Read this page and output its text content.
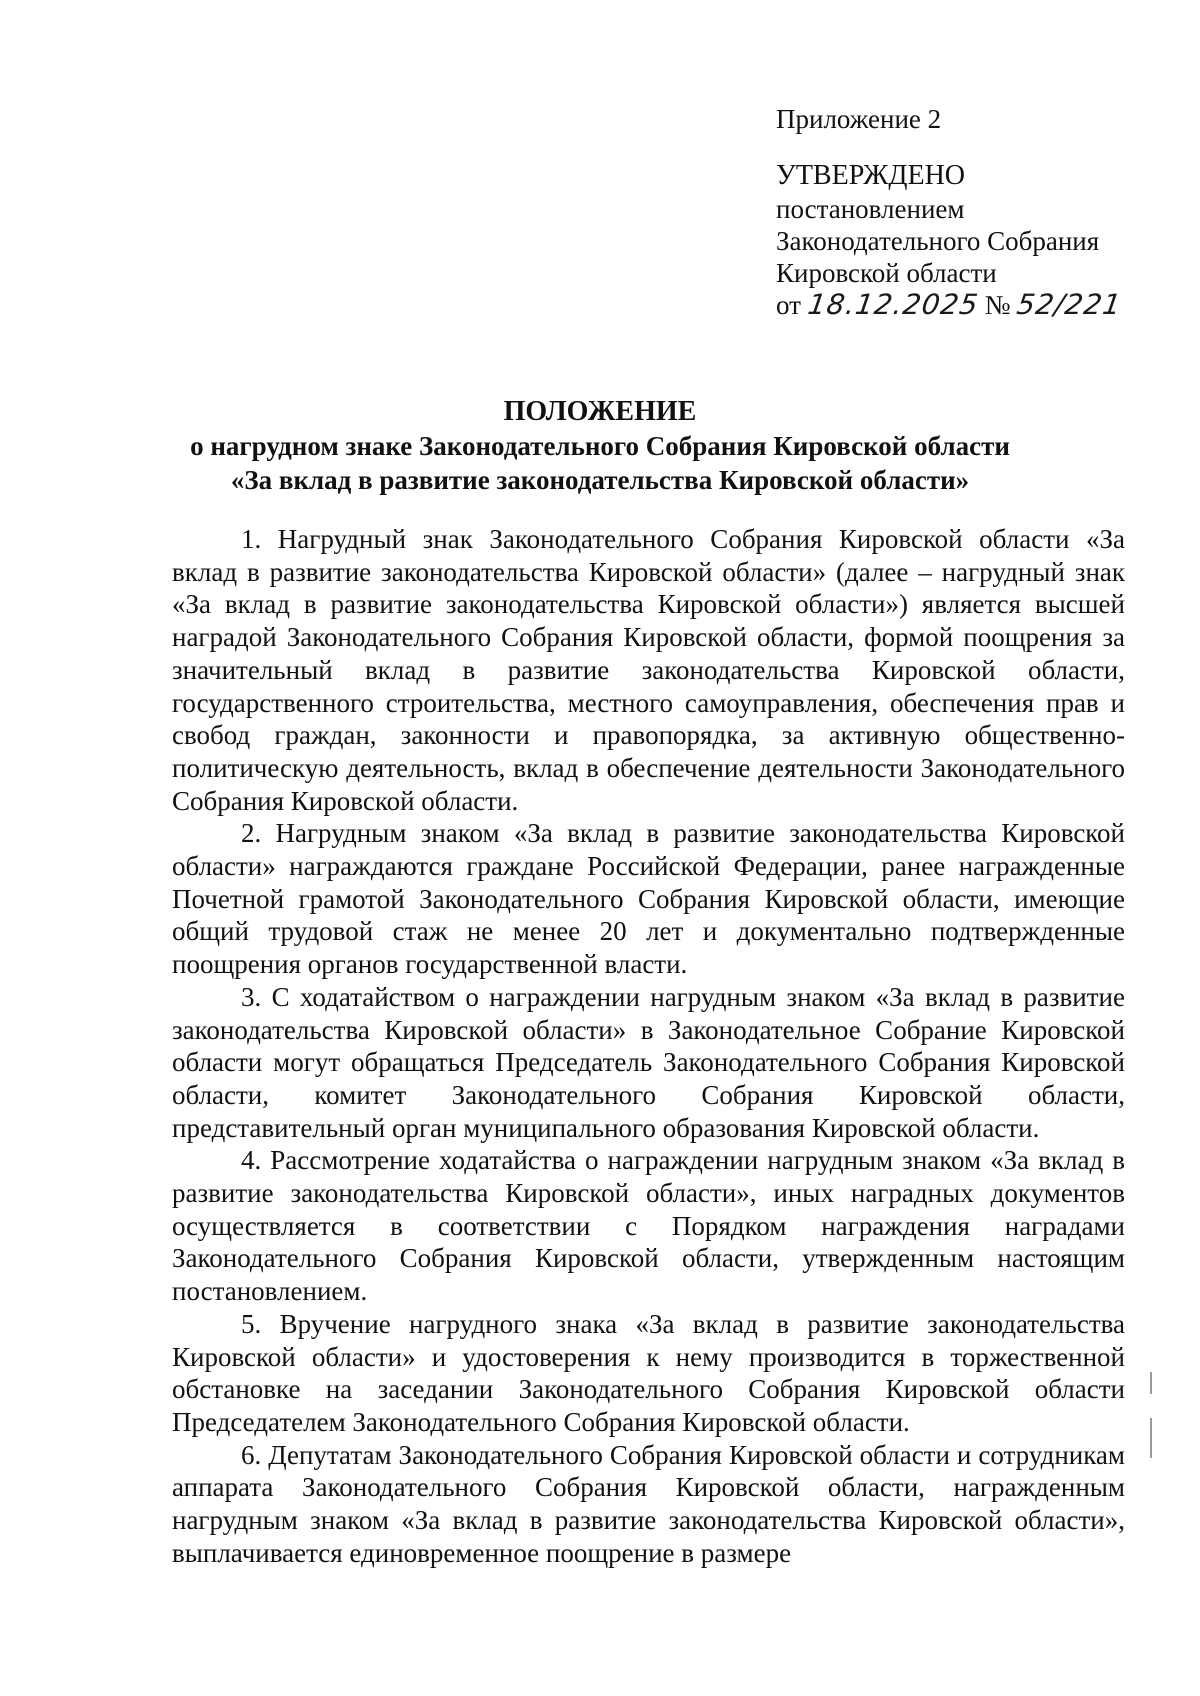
Приложение 2
УТВЕРЖДЕНО
постановлением
Законодательного Собрания
Кировской области
от 18.12.2025 № 52/221
ПОЛОЖЕНИЕ
о нагрудном знаке Законодательного Собрания Кировской области
«За вклад в развитие законодательства Кировской области»

1. Нагрудный знак Законодательного Собрания Кировской области «За вклад в развитие законодательства Кировской области» (далее – нагрудный знак «За вклад в развитие законодательства Кировской области») является высшей наградой Законодательного Собрания Кировской области, формой поощрения за значительный вклад в развитие законодательства Кировской области, государственного строительства, местного самоуправления, обеспечения прав и свобод граждан, законности и правопорядка, за активную общественно-политическую деятельность, вклад в обеспечение деятельности Законодательного Собрания Кировской области.

2. Нагрудным знаком «За вклад в развитие законодательства Кировской области» награждаются граждане Российской Федерации, ранее награжденные Почетной грамотой Законодательного Собрания Кировской области, имеющие общий трудовой стаж не менее 20 лет и документально подтвержденные поощрения органов государственной власти.

3. С ходатайством о награждении нагрудным знаком «За вклад в развитие законодательства Кировской области» в Законодательное Собрание Кировской области могут обращаться Председатель Законодательного Собрания Кировской области, комитет Законодательного Собрания Кировской области, представительный орган муниципального образования Кировской области.

4. Рассмотрение ходатайства о награждении нагрудным знаком «За вклад в развитие законодательства Кировской области», иных наградных документов осуществляется в соответствии с Порядком награждения наградами Законодательного Собрания Кировской области, утвержденным настоящим постановлением.

5. Вручение нагрудного знака «За вклад в развитие законодательства Кировской области» и удостоверения к нему производится в торжественной обстановке на заседании Законодательного Собрания Кировской области Председателем Законодательного Собрания Кировской области.

6. Депутатам Законодательного Собрания Кировской области и сотрудникам аппарата Законодательного Собрания Кировской области, награжденным нагрудным знаком «За вклад в развитие законодательства Кировской области», выплачивается единовременное поощрение в размере
